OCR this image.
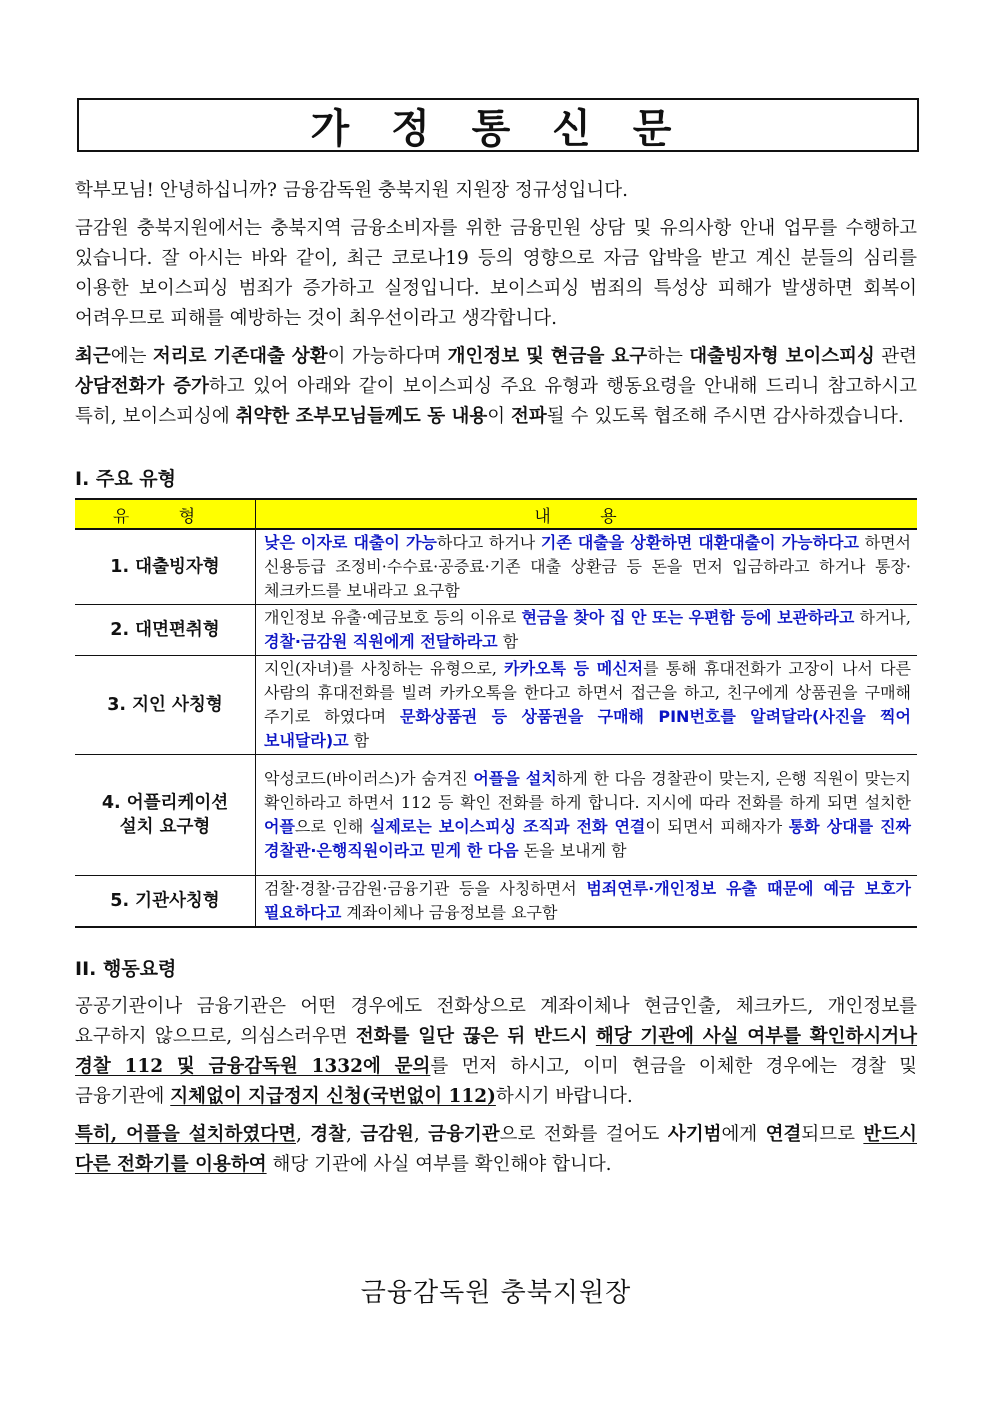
가 정 통 신 문

학부모님! 안녕하십니까? 금융감독원 충북지원 지원장 정규성입니다.

금감원 충북지원에서는 충북지역 금융소비자를 위한 금융민원 상담 및 유의사항 안내 업무를 수행하고 있습니다. 잘 아시는 바와 같이, 최근 코로나19 등의 영향으로 자금 압박을 받고 계신 분들의 심리를 이용한 보이스피싱 범죄가 증가하고 실정입니다. 보이스피싱 범죄의 특성상 피해가 발생하면 회복이 어려우므로 피해를 예방하는 것이 최우선이라고 생각합니다.

최근에는 저리로 기존대출 상환이 가능하다며 개인정보 및 현금을 요구하는 대출빙자형 보이스피싱 관련 상담전화가 증가하고 있어 아래와 같이 보이스피싱 주요 유형과 행동요령을 안내해 드리니 참고하시고 특히, 보이스피싱에 취약한 조부모님들께도 동 내용이 전파될 수 있도록 협조해 주시면 감사하겠습니다.

Ⅰ. 주요 유형
유 형	내 용
1. 대출빙자형	낮은 이자로 대출이 가능하다고 하거나 기존 대출을 상환하면 대환대출이 가능하다고 하면서 신용등급 조정비·수수료·공증료·기존 대출 상환금 등 돈을 먼저 입금하라고 하거나 통장·체크카드를 보내라고 요구함
2. 대면편취형	개인정보 유출·예금보호 등의 이유로 현금을 찾아 집 안 또는 우편함 등에 보관하라고 하거나, 경찰·금감원 직원에게 전달하라고 함
3. 지인 사칭형	지인(자녀)를 사칭하는 유형으로, 카카오톡 등 메신저를 통해 휴대전화가 고장이 나서 다른 사람의 휴대전화를 빌려 카카오톡을 한다고 하면서 접근을 하고, 친구에게 상품권을 구매해 주기로 하였다며 문화상품권 등 상품권을 구매해 PIN번호를 알려달라(사진을 찍어 보내달라)고 함
4. 어플리케이션
설치 요구형	악성코드(바이러스)가 숨겨진 어플을 설치하게 한 다음 경찰관이 맞는지, 은행 직원이 맞는지 확인하라고 하면서 112 등 확인 전화를 하게 합니다. 지시에 따라 전화를 하게 되면 설치한 어플으로 인해 실제로는 보이스피싱 조직과 전화 연결이 되면서 피해자가 통화 상대를 진짜 경찰관·은행직원이라고 믿게 한 다음 돈을 보내게 함
5. 기관사칭형	검찰·경찰·금감원·금융기관 등을 사칭하면서 범죄연루·개인정보 유출 때문에 예금 보호가 필요하다고 계좌이체나 금융정보를 요구함
II. 행동요령

공공기관이나 금융기관은 어떤 경우에도 전화상으로 계좌이체나 현금인출, 체크카드, 개인정보를 요구하지 않으므로, 의심스러우면 전화를 일단 끊은 뒤 반드시 해당 기관에 사실 여부를 확인하시거나 경찰 112 및 금융감독원 1332에 문의를 먼저 하시고, 이미 현금을 이체한 경우에는 경찰 및 금융기관에 지체없이 지급정지 신청(국번없이 112)하시기 바랍니다.

특히, 어플을 설치하였다면, 경찰, 금감원, 금융기관으로 전화를 걸어도 사기범에게 연결되므로 반드시 다른 전화기를 이용하여 해당 기관에 사실 여부를 확인해야 합니다.

금융감독원 충북지원장
